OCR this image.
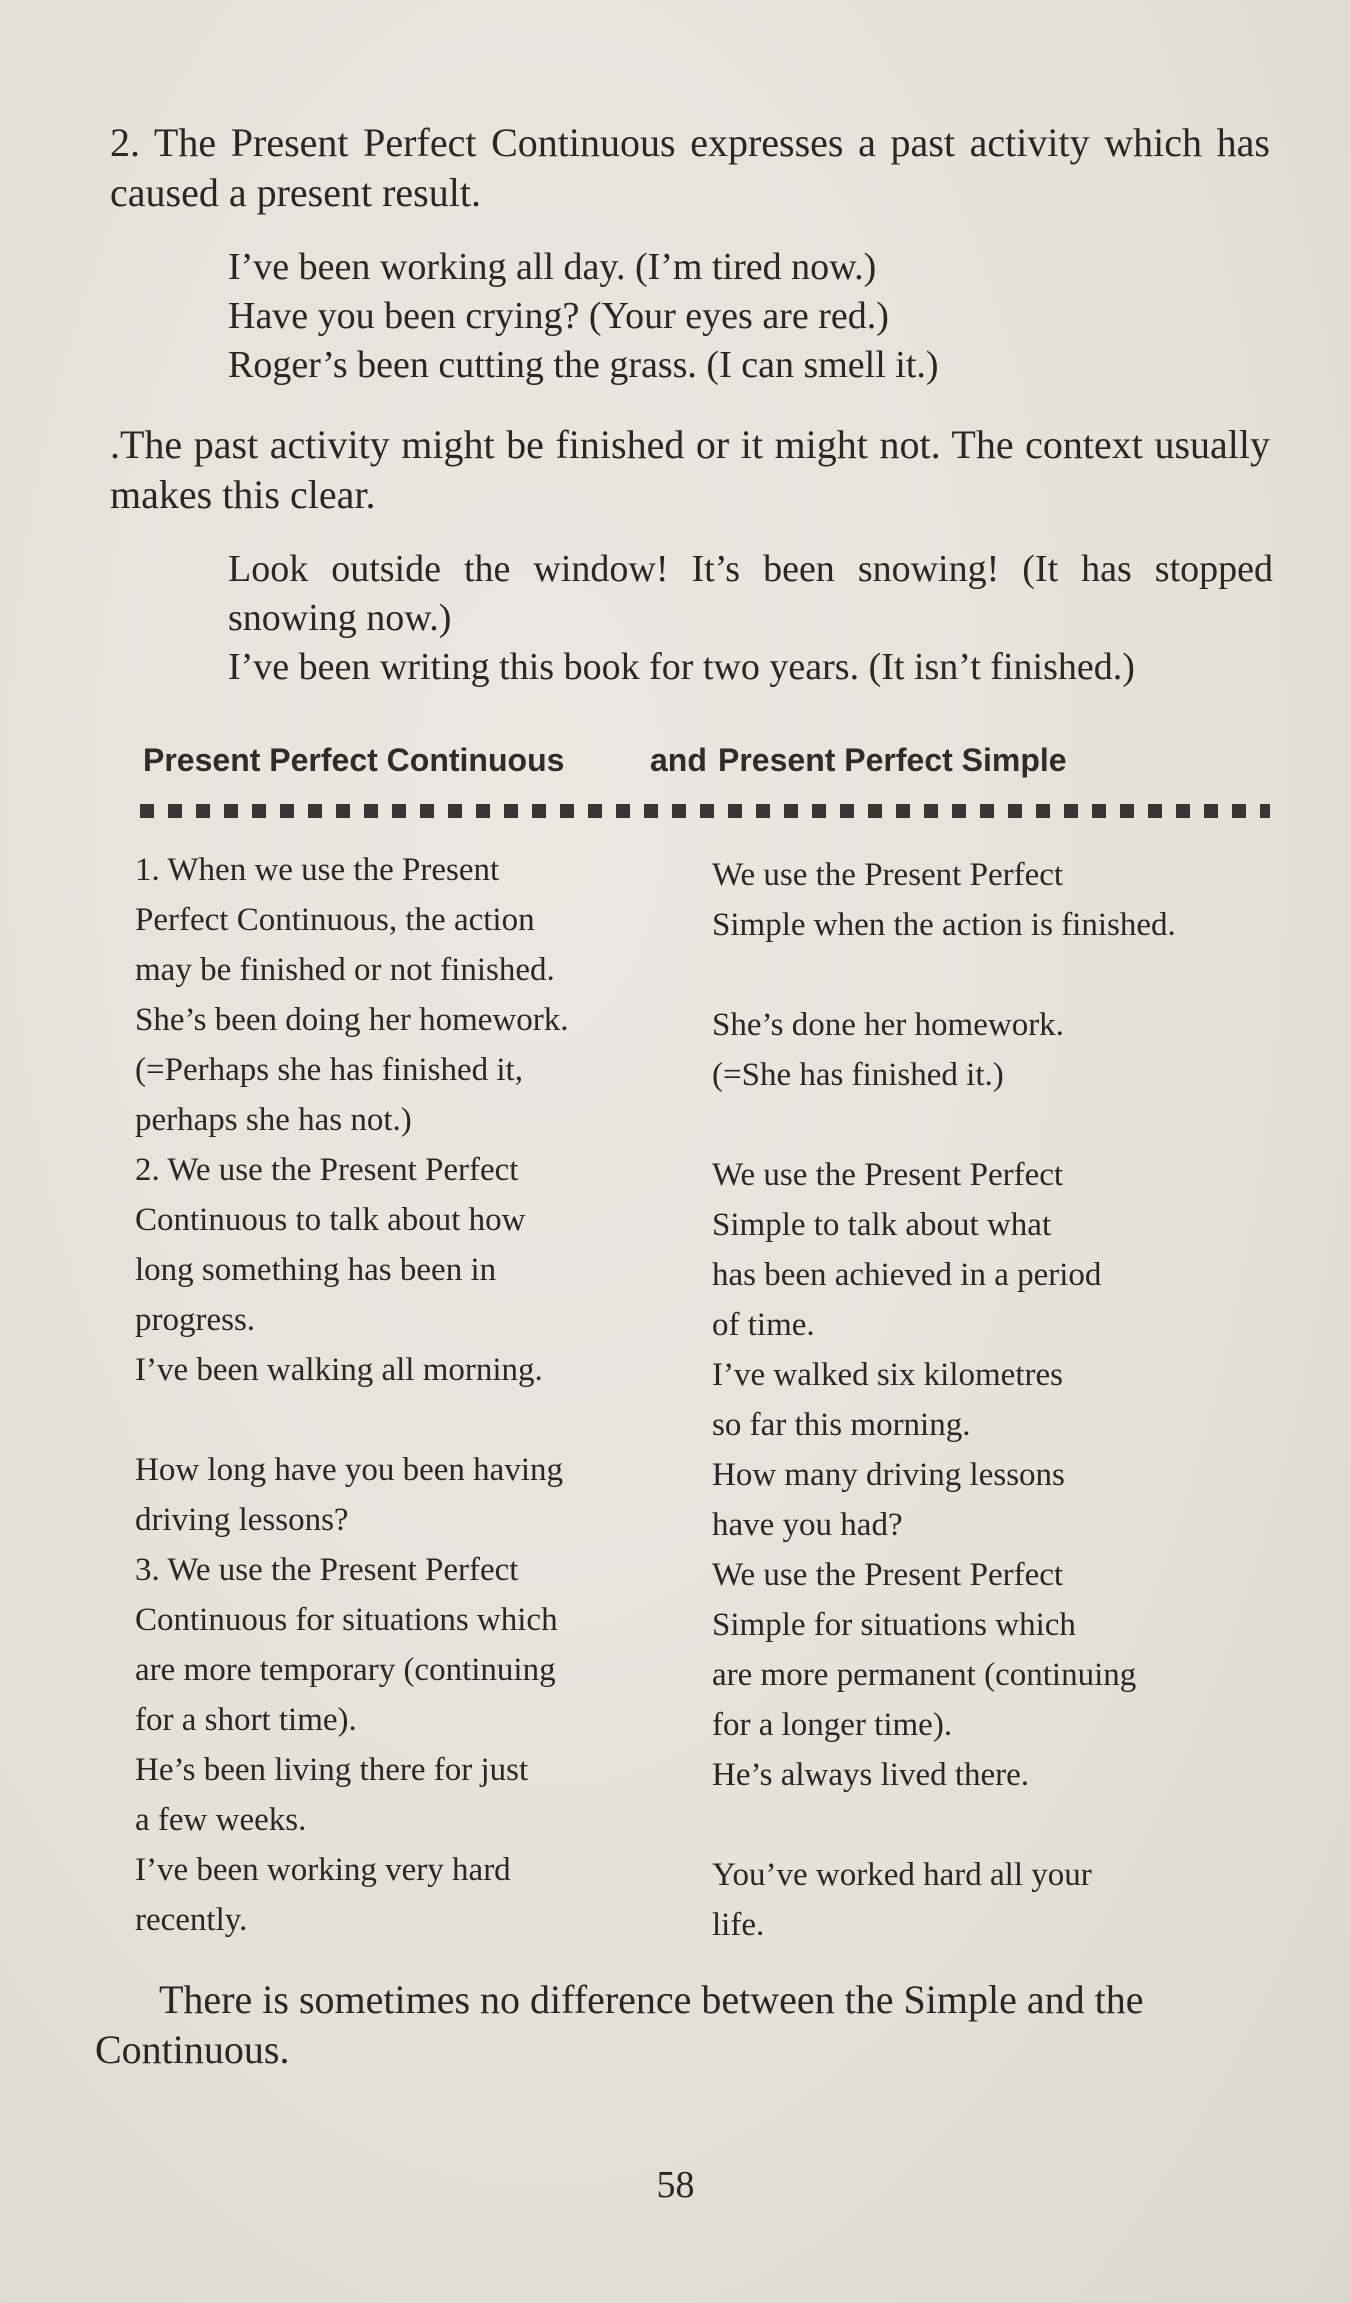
2. The Present Perfect Continuous expresses a past activity which has caused a present result.

I’ve been working all day. (I’m tired now.)
Have you been crying? (Your eyes are red.)
Roger’s been cutting the grass. (I can smell it.)

.The past activity might be finished or it might not. The context usually makes this clear.

Look outside the window! It’s been snowing! (It has stopped snowing now.)
I’ve been writing this book for two years. (It isn’t finished.)
Present Perfect Continuous	and Present Perfect Simple
1. When we use the Present
Perfect Continuous, the action
may be finished or not finished.
She’s been doing her homework.
(=Perhaps she has finished it,
perhaps she has not.)
2. We use the Present Perfect
Continuous to talk about how
long something has been in
progress.
I’ve been walking all morning.
How long have you been having
driving lessons?
3. We use the Present Perfect
Continuous for situations which
are more temporary (continuing
for a short time).
He’s been living there for just
a few weeks.
I’ve been working very hard
recently.
We use the Present Perfect
Simple when the action is finished.
She’s done her homework.
(=She has finished it.)
We use the Present Perfect
Simple to talk about what
has been achieved in a period
of time.
I’ve walked six kilometres
so far this morning.
How many driving lessons
have you had?
We use the Present Perfect
Simple for situations which
are more permanent (continuing
for a longer time).
He’s always lived there.
You’ve worked hard all your
life.

There is sometimes no difference between the Simple and the Continuous.

58
